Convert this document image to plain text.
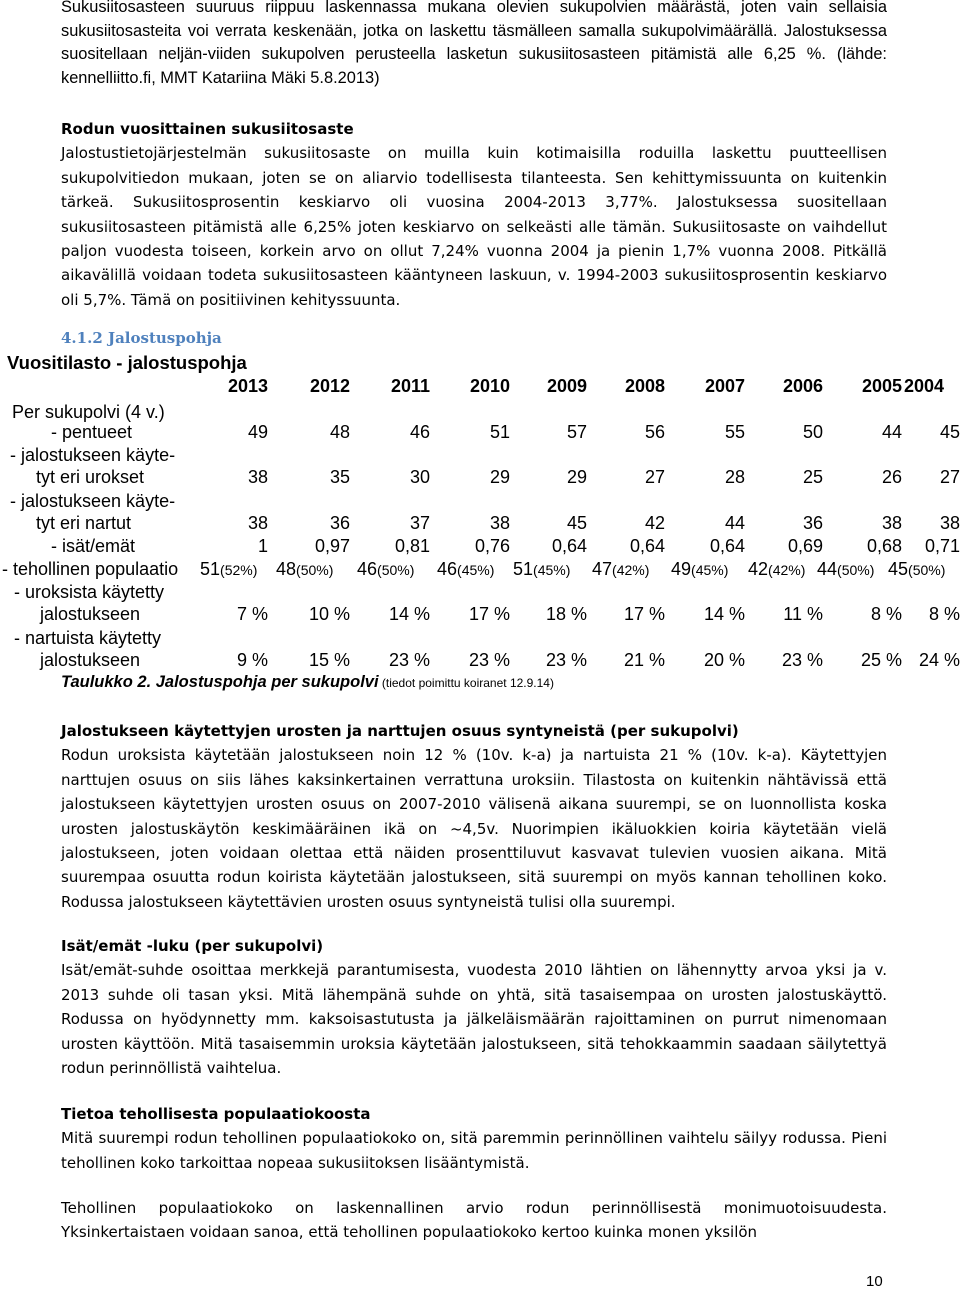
Sukusiitosasteen suuruus riippuu laskennassa mukana olevien sukupolvien määrästä, joten vain sellaisia sukusiitosasteita voi verrata keskenään, jotka on laskettu täsmälleen samalla sukupolvimäärällä. Jalostuksessa suositellaan neljän-viiden sukupolven perusteella lasketun sukusiitosasteen pitämistä alle 6,25 %. (lähde: kennelliitto.fi, MMT Katariina Mäki 5.8.2013)

Rodun vuosittainen sukusiitosaste
Jalostustietojärjestelmän sukusiitosaste on muilla kuin kotimaisilla roduilla laskettu puutteellisen sukupolvitiedon mukaan, joten se on aliarvio todellisesta tilanteesta. Sen kehittymissuunta on kuitenkin tärkeä. Sukusiitosprosentin keskiarvo oli vuosina 2004-2013 3,77%. Jalostuksessa suositellaan sukusiitosasteen pitämistä alle 6,25% joten keskiarvo on selkeästi alle tämän. Sukusiitosaste on vaihdellut paljon vuodesta toiseen, korkein arvo on ollut 7,24% vuonna 2004 ja pienin 1,7% vuonna 2008. Pitkällä aikavälillä voidaan todeta sukusiitosasteen kääntyneen laskuun, v. 1994-2003 sukusiitosprosentin keskiarvo oli 5,7%. Tämä on positiivinen kehityssuunta.
4.1.2 Jalostuspohja
Vuositilasto - jalostuspohja
2013 2012 2011 2010 2009 2008 2007 2006 2005 2004
Per sukupolvi (4 v.)
- pentueet	49	48	46	51	57	56	55	50	44 45
- jalostukseen käyte-
tyt eri urokset	38	35	30	29	29	27	28	25	26 27
- jalostukseen käyte-
tyt eri nartut	38	36	37	38	45	42	44	36	38 38
- isät/emät	1	0,97 0,81 0,76 0,64 0,64 0,64 0,69 0,68 0,71
- tehollinen populaatio 51(52%) 48(50%) 46(50%) 46(45%) 51(45%) 47(42%) 49(45%) 42(42%) 44(50%) 45(50%)
- uroksista käytetty
jalostukseen	7 % 10 % 14 % 17 % 18 % 17 % 14 % 11 %	8 % 8 %
- nartuista käytetty
jalostukseen	9 % 15 % 23 % 23 % 23 % 21 % 20 % 23 % 25 % 24 %
Taulukko 2. Jalostuspohja per sukupolvi (tiedot poimittu koiranet 12.9.14)
Jalostukseen käytettyjen urosten ja narttujen osuus syntyneistä (per sukupolvi)
Rodun uroksista käytetään jalostukseen noin 12 % (10v. k-a) ja nartuista 21 % (10v. k-a). Käytettyjen narttujen osuus on siis lähes kaksinkertainen verrattuna uroksiin. Tilastosta on kuitenkin nähtävissä että jalostukseen käytettyjen urosten osuus on 2007-2010 välisenä aikana suurempi, se on luonnollista koska urosten jalostuskäytön keskimääräinen ikä on ~4,5v. Nuorimpien ikäluokkien koiria käytetään vielä jalostukseen, joten voidaan olettaa että näiden prosenttiluvut kasvavat tulevien vuosien aikana. Mitä suurempaa osuutta rodun koirista käytetään jalostukseen, sitä suurempi on myös kannan tehollinen koko. Rodussa jalostukseen käytettävien urosten osuus syntyneistä tulisi olla suurempi.
Isät/emät -luku (per sukupolvi)
Isät/emät-suhde osoittaa merkkejä parantumisesta, vuodesta 2010 lähtien on lähennytty arvoa yksi ja v. 2013 suhde oli tasan yksi. Mitä lähempänä suhde on yhtä, sitä tasaisempaa on urosten jalostuskäyttö. Rodussa on hyödynnetty mm. kaksoisastutusta ja jälkeläismäärän rajoittaminen on purrut nimenomaan urosten käyttöön. Mitä tasaisemmin uroksia käytetään jalostukseen, sitä tehokkaammin saadaan säilytettyä rodun perinnöllistä vaihtelua.
Tietoa tehollisesta populaatiokoosta
Mitä suurempi rodun tehollinen populaatiokoko on, sitä paremmin perinnöllinen vaihtelu säilyy rodussa. Pieni tehollinen koko tarkoittaa nopeaa sukusiitoksen lisääntymistä.

Tehollinen populaatiokoko on laskennallinen arvio rodun perinnöllisestä monimuotoisuudesta. Yksinkertaistaen voidaan sanoa, että tehollinen populaatiokoko kertoo kuinka monen yksilön

10
